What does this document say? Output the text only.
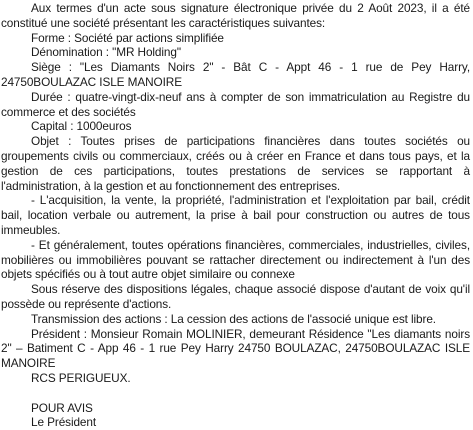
Aux termes d'un acte sous signature électronique privée du 2 Août 2023, il a été constitué une société présentant les caractéristiques suivantes:

Forme : Société par actions simplifiée

Dénomination : "MR Holding"

Siège : "Les Diamants Noirs 2" - Bât C - Appt 46 - 1 rue de Pey Harry, 24750BOULAZAC ISLE MANOIRE

Durée : quatre-vingt-dix-neuf ans à compter de son immatriculation au Registre du commerce et des sociétés

Capital : 1000euros

Objet : Toutes prises de participations financières dans toutes sociétés ou groupements civils ou commerciaux, créés ou à créer en France et dans tous pays, et la gestion de ces participations, toutes prestations de services se rapportant à l'administration, à la gestion et au fonctionnement des entreprises.

- L'acquisition, la vente, la propriété, l'administration et l'exploitation par bail, crédit bail, location verbale ou autrement, la prise à bail pour construction ou autres de tous immeubles.

- Et généralement, toutes opérations financières, commerciales, industrielles, civiles, mobilières ou immobilières pouvant se rattacher directement ou indirectement à l'un des objets spécifiés ou à tout autre objet similaire ou connexe

Sous réserve des dispositions légales, chaque associé dispose d'autant de voix qu'il possède ou représente d'actions.

Transmission des actions : La cession des actions de l'associé unique est libre.

Président : Monsieur Romain MOLINIER, demeurant Résidence "Les diamants noirs 2" – Batiment C - App 46 - 1 rue Pey Harry 24750 BOULAZAC, 24750BOULAZAC ISLE MANOIRE

RCS PERIGUEUX.

POUR AVIS

Le Président
